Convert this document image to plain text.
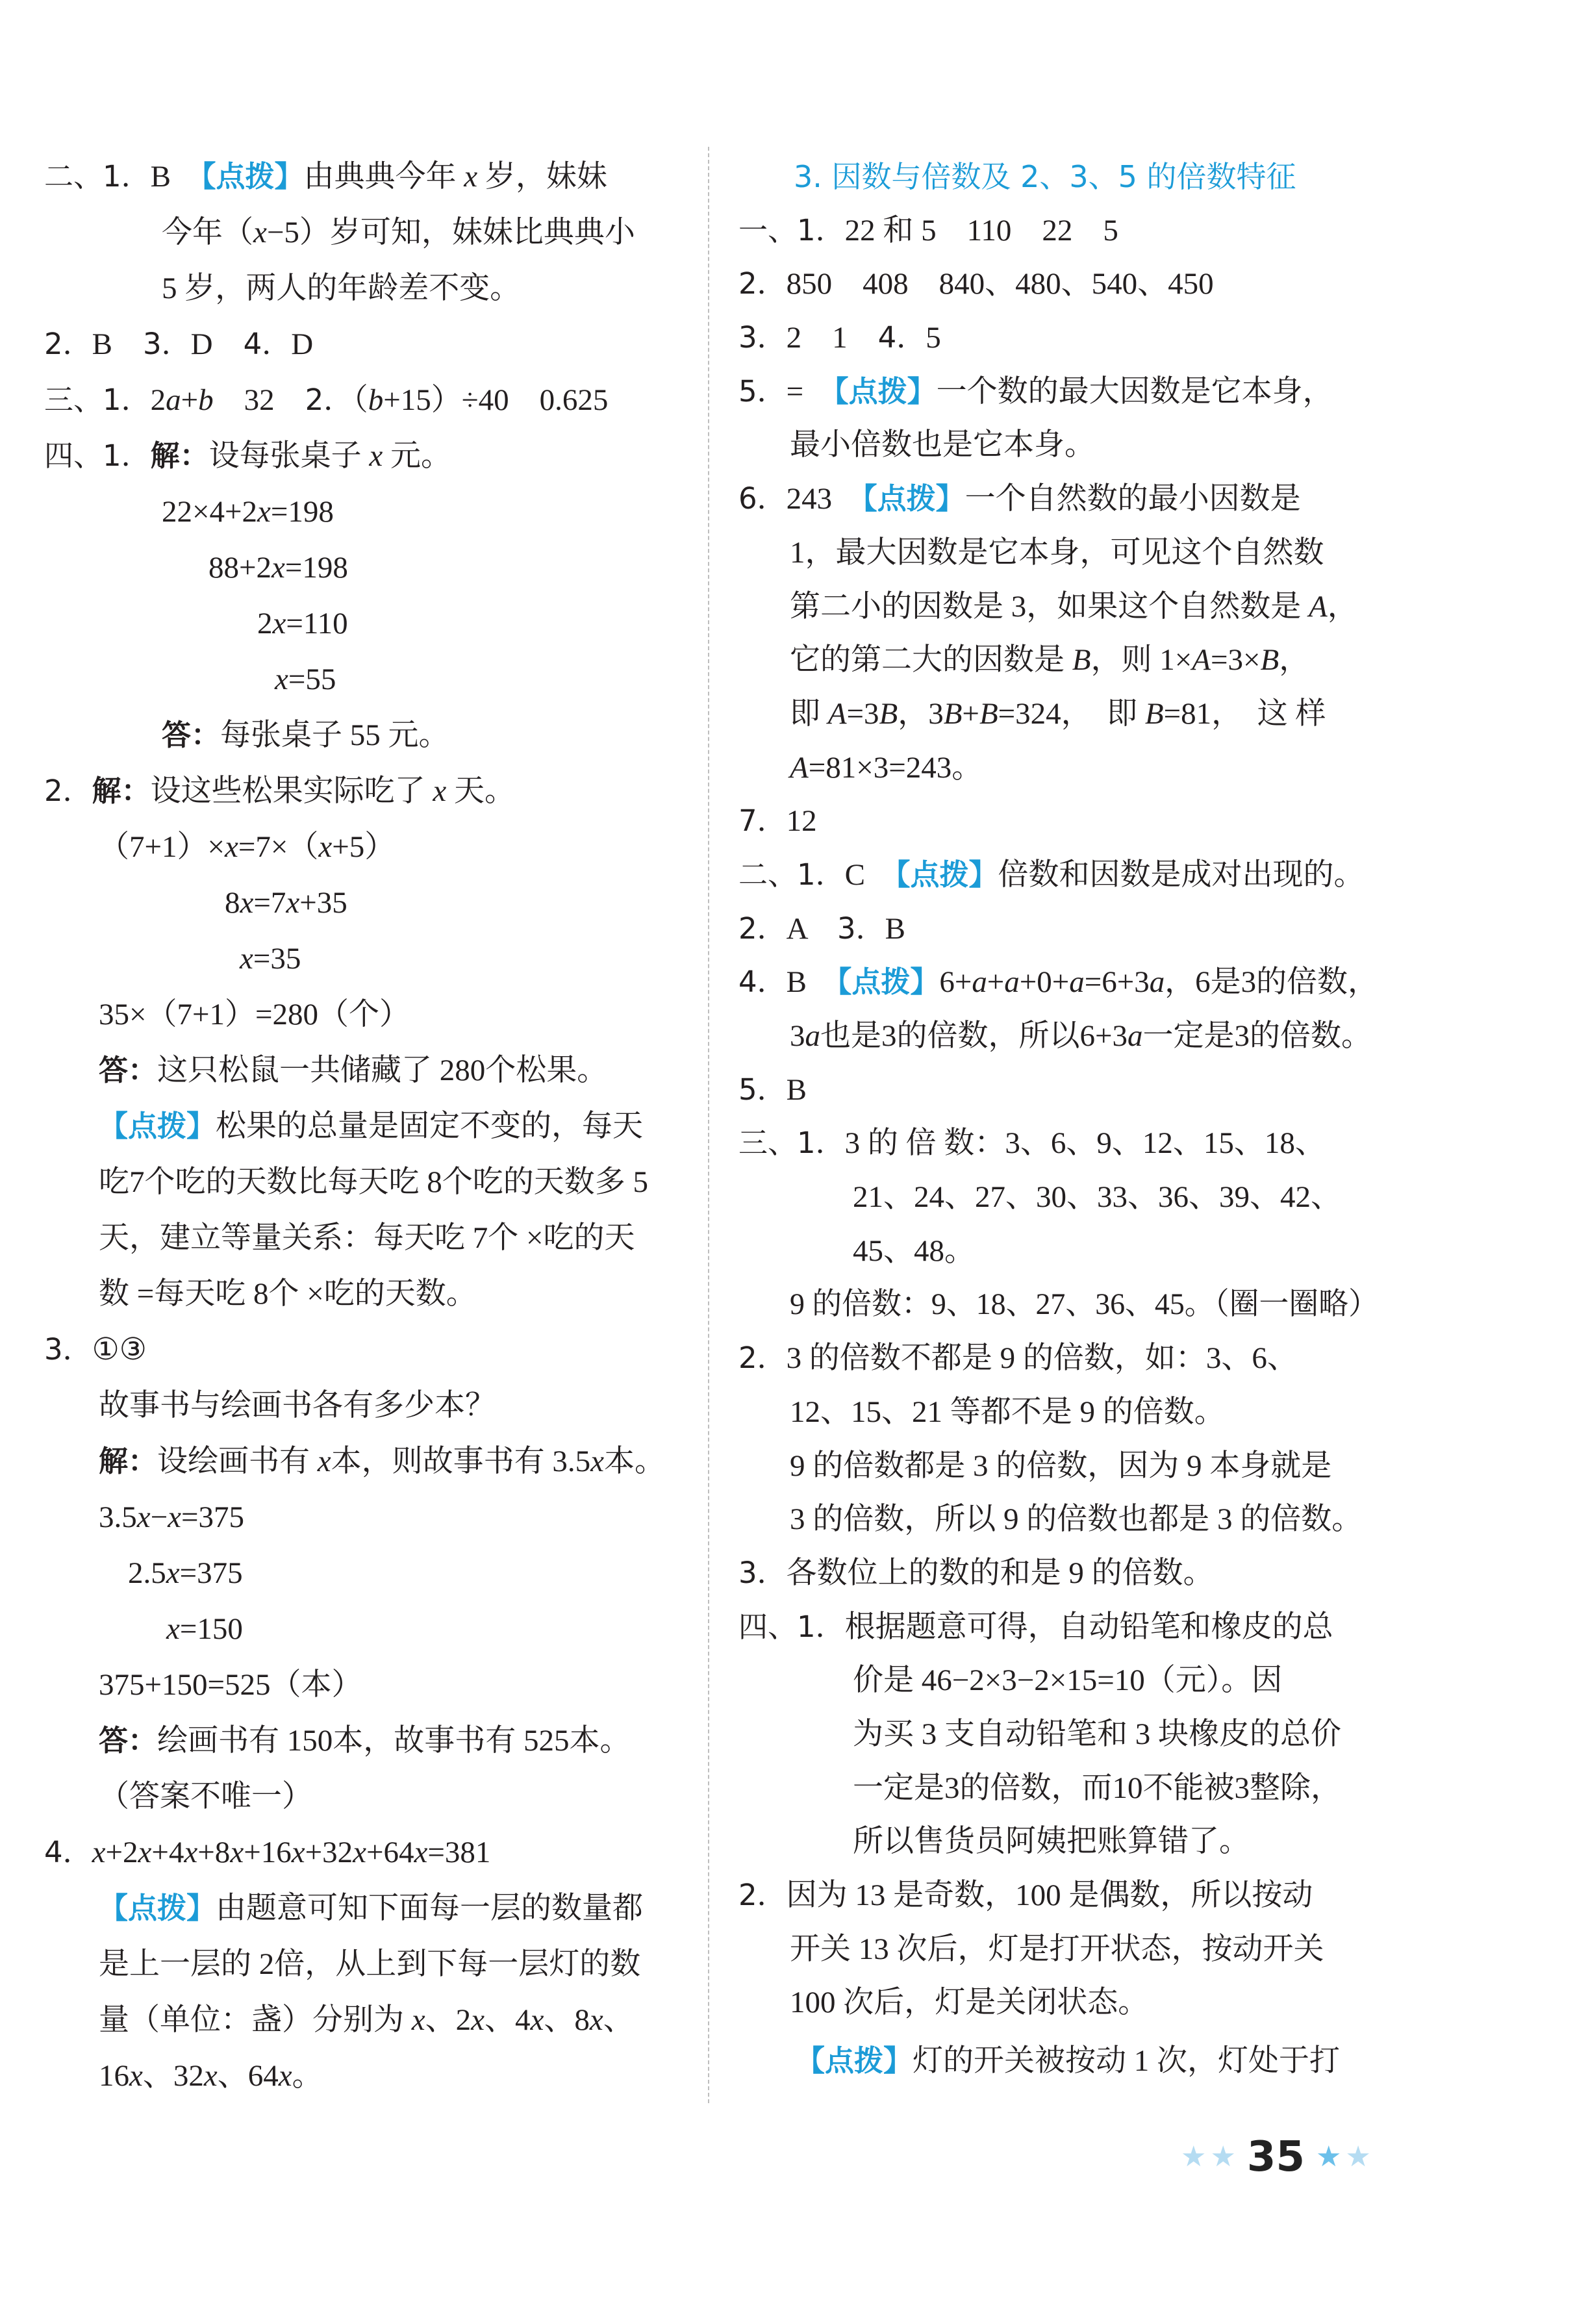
二、1．B　【点拨】由典典今年 x 岁，妹妹
今年（x−5）岁可知，妹妹比典典小
5 岁，两人的年龄差不变。
2．B　3．D　4．D
三、1．2a+b　32　2．（b+15）÷40　0.625
四、1．解：设每张桌子 x 元。
22×4+2x=198
88+2x=198
2x=110
x=55
答：每张桌子 55 元。
2．解：设这些松果实际吃了 x 天。
（7+1）×x=7×（x+5）
8x=7x+35
x=35
35×（7+1）=280（个）
答：这只松鼠一共储藏了 280个松果。
【点拨】松果的总量是固定不变的，每天
吃7个吃的天数比每天吃 8个吃的天数多 5
天，建立等量关系：每天吃 7个 ×吃的天
数 =每天吃 8个 ×吃的天数。
3．①③
故事书与绘画书各有多少本？
解：设绘画书有 x本，则故事书有 3.5x本。
3.5x−x=375
2.5x=375
x=150
375+150=525（本）
答：绘画书有 150本，故事书有 525本。
（答案不唯一）
4．x+2x+4x+8x+16x+32x+64x=381
【点拨】由题意可知下面每一层的数量都
是上一层的 2倍，从上到下每一层灯的数
量（单位：盏）分别为 x、2x、4x、8x、
16x、32x、64x。
3. 因数与倍数及 2、3、5 的倍数特征
一、1．22 和 5　110　22　5
2．850　408　840、480、540、450
3．2　1　4．5
5．=　【点拨】一个数的最大因数是它本身，
最小倍数也是它本身。
6．243　【点拨】一个自然数的最小因数是
1，最大因数是它本身，可见这个自然数
第二小的因数是 3，如果这个自然数是 A，
它的第二大的因数是 B，则 1×A=3×B，
即 A=3B，3B+B=324，　即 B=81，　这 样
A=81×3=243。
7．12
二、1．C　【点拨】倍数和因数是成对出现的。
2．A　3．B
4．B　【点拨】6+a+a+0+a=6+3a，6是3的倍数，
3a也是3的倍数，所以6+3a一定是3的倍数。
5．B
三、1．3 的 倍 数：3、6、9、12、15、18、
21、24、27、30、33、36、39、42、
45、48。
9 的倍数：9、18、27、36、45。（圈一圈略）
2．3 的倍数不都是 9 的倍数，如：3、6、
12、15、21 等都不是 9 的倍数。
9 的倍数都是 3 的倍数，因为 9 本身就是
3 的倍数，所以 9 的倍数也都是 3 的倍数。
3．各数位上的数的和是 9 的倍数。
四、1．根据题意可得，自动铅笔和橡皮的总
价是 46−2×3−2×15=10（元）。因
为买 3 支自动铅笔和 3 块橡皮的总价
一定是3的倍数，而10不能被3整除，
所以售货员阿姨把账算错了。
2．因为 13 是奇数，100 是偶数，所以按动
开关 13 次后，灯是打开状态，按动开关
100 次后，灯是关闭状态。
【点拨】灯的开关被按动 1 次，灯处于打
★ ★ 35 ★ ★
